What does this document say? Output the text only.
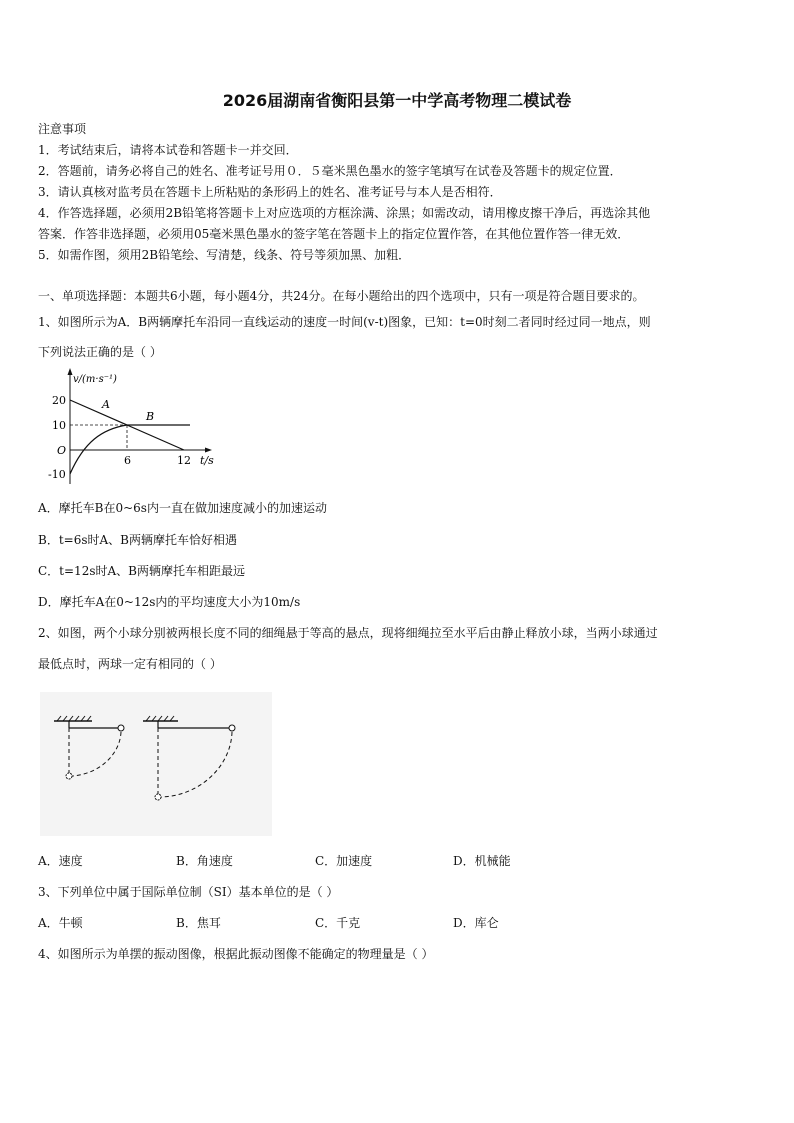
2026届湖南省衡阳县第一中学高考物理二模试卷
注意事项
1．考试结束后，请将本试卷和答题卡一并交回．
2．答题前，请务必将自己的姓名、准考证号用０．５毫米黑色墨水的签字笔填写在试卷及答题卡的规定位置．
3．请认真核对监考员在答题卡上所粘贴的条形码上的姓名、准考证号与本人是否相符．
4．作答选择题，必须用2B铅笔将答题卡上对应选项的方框涂满、涂黑；如需改动，请用橡皮擦干净后，再选涂其他
答案．作答非选择题，必须用05毫米黑色墨水的签字笔在答题卡上的指定位置作答，在其他位置作答一律无效．
5．如需作图，须用2B铅笔绘、写清楚，线条、符号等须加黑、加粗．
一、单项选择题：本题共6小题，每小题4分，共24分。在每小题给出的四个选项中，只有一项是符合题目要求的。
1、如图所示为A．B两辆摩托车沿同一直线运动的速度一时间(v-t)图象，已知：t=0时刻二者同时经过同一地点，则
下列说法正确的是（ ）
v/(m·s⁻¹)
20
10
O
-10
6	12 t/s
A
B
A．摩托车B在0~6s内一直在做加速度减小的加速运动
B．t=6s时A、B两辆摩托车恰好相遇
C．t=12s时A、B两辆摩托车相距最远
D．摩托车A在0~12s内的平均速度大小为10m/s
2、如图，两个小球分别被两根长度不同的细绳悬于等高的悬点，现将细绳拉至水平后由静止释放小球，当两小球通过
最低点时，两球一定有相同的（ ）
A．速度	B．角速度	C．加速度	D．机械能
3、下列单位中属于国际单位制（SI）基本单位的是（ ）
A．牛顿	B．焦耳	C．千克	D．库仑
4、如图所示为单摆的振动图像，根据此振动图像不能确定的物理量是（ ）
